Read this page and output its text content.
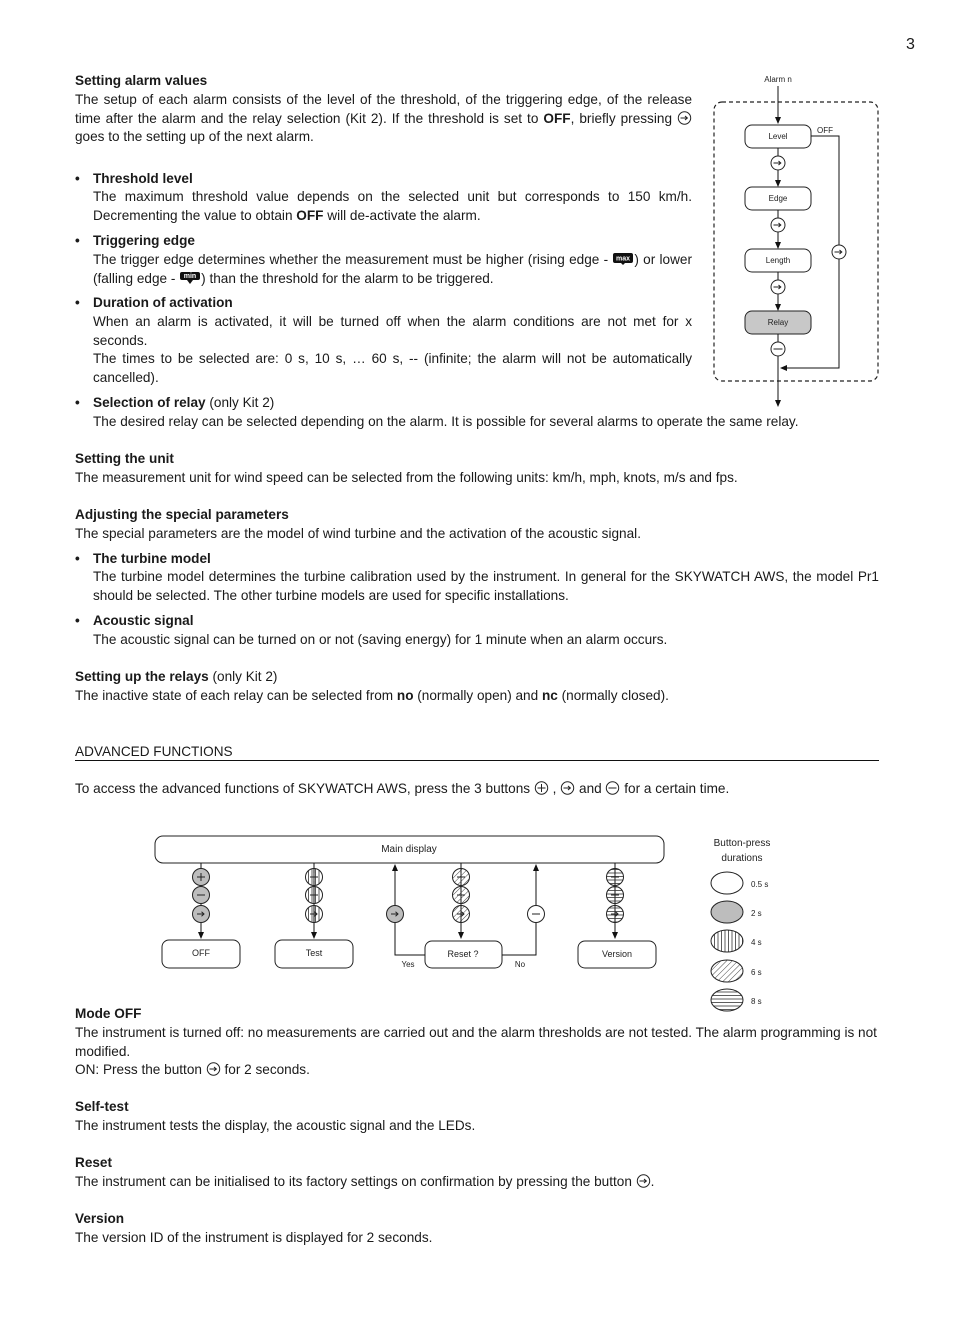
3
Setting alarm values
The setup of each alarm consists of the level of the threshold, of the triggering edge, of the release time after the alarm and the relay selection (Kit 2). If the threshold is set to OFF, briefly pressing  goes to the setting up of the next alarm.
• Threshold level
The maximum threshold value depends on the selected unit but corresponds to 150 km/h. Decrementing the value to obtain OFF will de-activate the alarm.
• Triggering edge
The trigger edge determines whether the measurement must be higher (rising edge - max ) or lower (falling edge - min ) than the threshold for the alarm to be triggered.
• Duration of activation
When an alarm is activated, it will be turned off when the alarm conditions are not met for x seconds.
The times to be selected are: 0 s, 10 s, … 60 s, -- (infinite; the alarm will not be automatically cancelled).
• Selection of relay (only Kit 2)
The desired relay can be selected depending on the alarm. It is possible for several alarms to operate the same relay.
Alarm n
Level
OFF
Edge
Length
Relay
Setting the unit
The measurement unit for wind speed can be selected from the following units: km/h, mph, knots, m/s and fps.
Adjusting the special parameters
The special parameters are the model of wind turbine and the activation of the acoustic signal.
• The turbine model
The turbine model determines the turbine calibration used by the instrument. In general for the SKYWATCH AWS, the model Pr1 should be selected. The other turbine models are used for specific installations.
• Acoustic signal
The acoustic signal can be turned on or not (saving energy) for 1 minute when an alarm occurs.
Setting up the relays (only Kit 2)
The inactive state of each relay can be selected from no (normally open) and nc (normally closed).
ADVANCED FUNCTIONS
To access the advanced functions of SKYWATCH AWS, press the 3 buttons  ,  and  for a certain time.
Main display
OFF	Test	Reset ?
Yes	No
Version
Button-press
durations
0.5 s
2 s
4 s
6 s
8 s
Mode OFF
The instrument is turned off: no measurements are carried out and the alarm thresholds are not tested. The alarm programming is not modified.
ON: Press the button  for 2 seconds.
Self-test
The instrument tests the display, the acoustic signal and the LEDs.
Reset
The instrument can be initialised to its factory settings on confirmation by pressing the button .
Version
The version ID of the instrument is displayed for 2 seconds.
